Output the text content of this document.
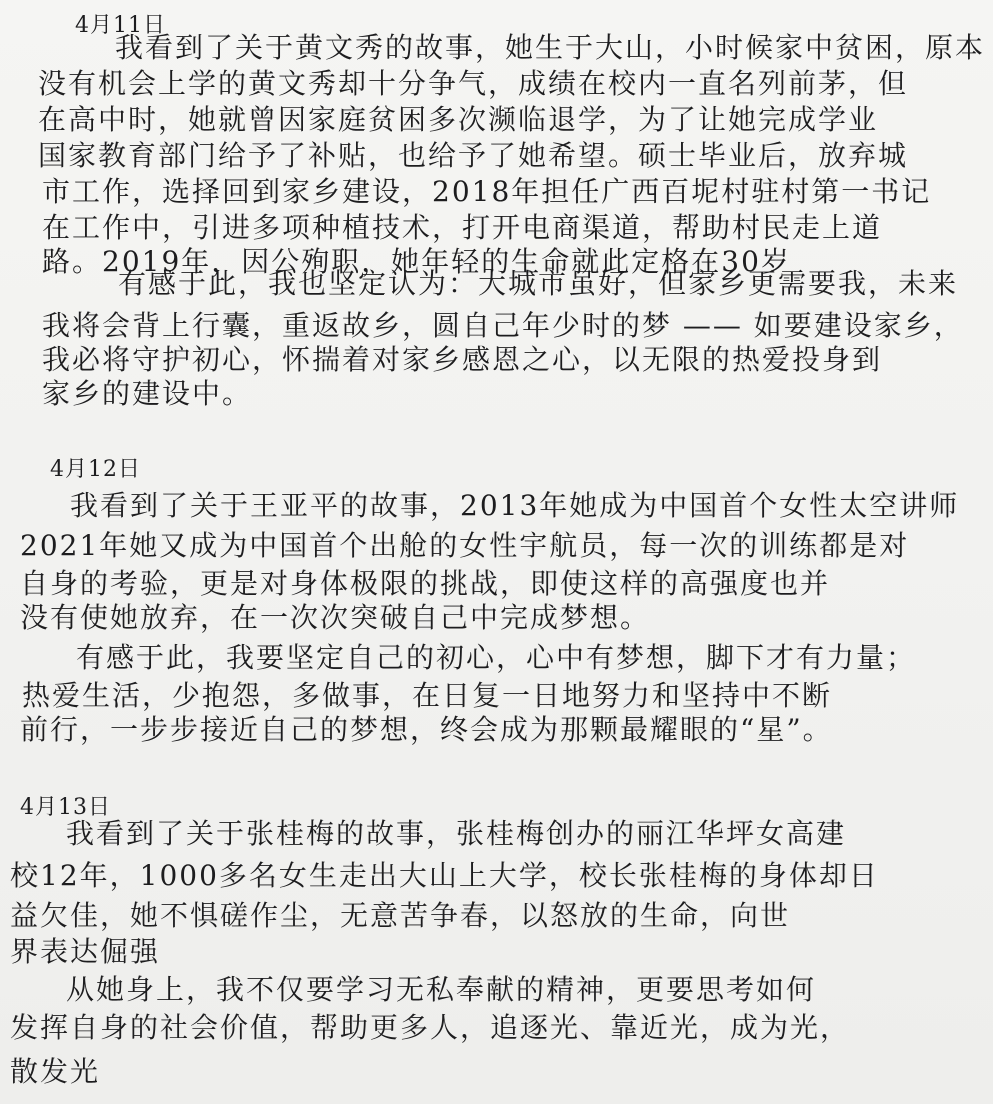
4月11日
我看到了关于黄文秀的故事，她生于大山，小时候家中贫困，原本
没有机会上学的黄文秀却十分争气，成绩在校内一直名列前茅，但
在高中时，她就曾因家庭贫困多次濒临退学，为了让她完成学业
国家教育部门给予了补贴，也给予了她希望。硕士毕业后，放弃城
市工作，选择回到家乡建设，2018年担任广西百坭村驻村第一书记
在工作中，引进多项种植技术，打开电商渠道，帮助村民走上道
路。2019年，因公殉职，她年轻的生命就此定格在30岁
有感于此，我也坚定认为：大城市虽好，但家乡更需要我，未来
我将会背上行囊，重返故乡，圆自己年少时的梦 —— 如要建设家乡，
我必将守护初心，怀揣着对家乡感恩之心，以无限的热爱投身到
家乡的建设中。
4月12日
我看到了关于王亚平的故事，2013年她成为中国首个女性太空讲师
2021年她又成为中国首个出舱的女性宇航员，每一次的训练都是对
自身的考验，更是对身体极限的挑战，即使这样的高强度也并
没有使她放弃，在一次次突破自己中完成梦想。
有感于此，我要坚定自己的初心，心中有梦想，脚下才有力量；
热爱生活，少抱怨，多做事，在日复一日地努力和坚持中不断
前行，一步步接近自己的梦想，终会成为那颗最耀眼的“星”。
4月13日
我看到了关于张桂梅的故事，张桂梅创办的丽江华坪女高建
校12年，1000多名女生走出大山上大学，校长张桂梅的身体却日
益欠佳，她不惧磋作尘，无意苦争春，以怒放的生命，向世
界表达倔强
从她身上，我不仅要学习无私奉献的精神，更要思考如何
发挥自身的社会价值，帮助更多人，追逐光、靠近光，成为光，
散发光
